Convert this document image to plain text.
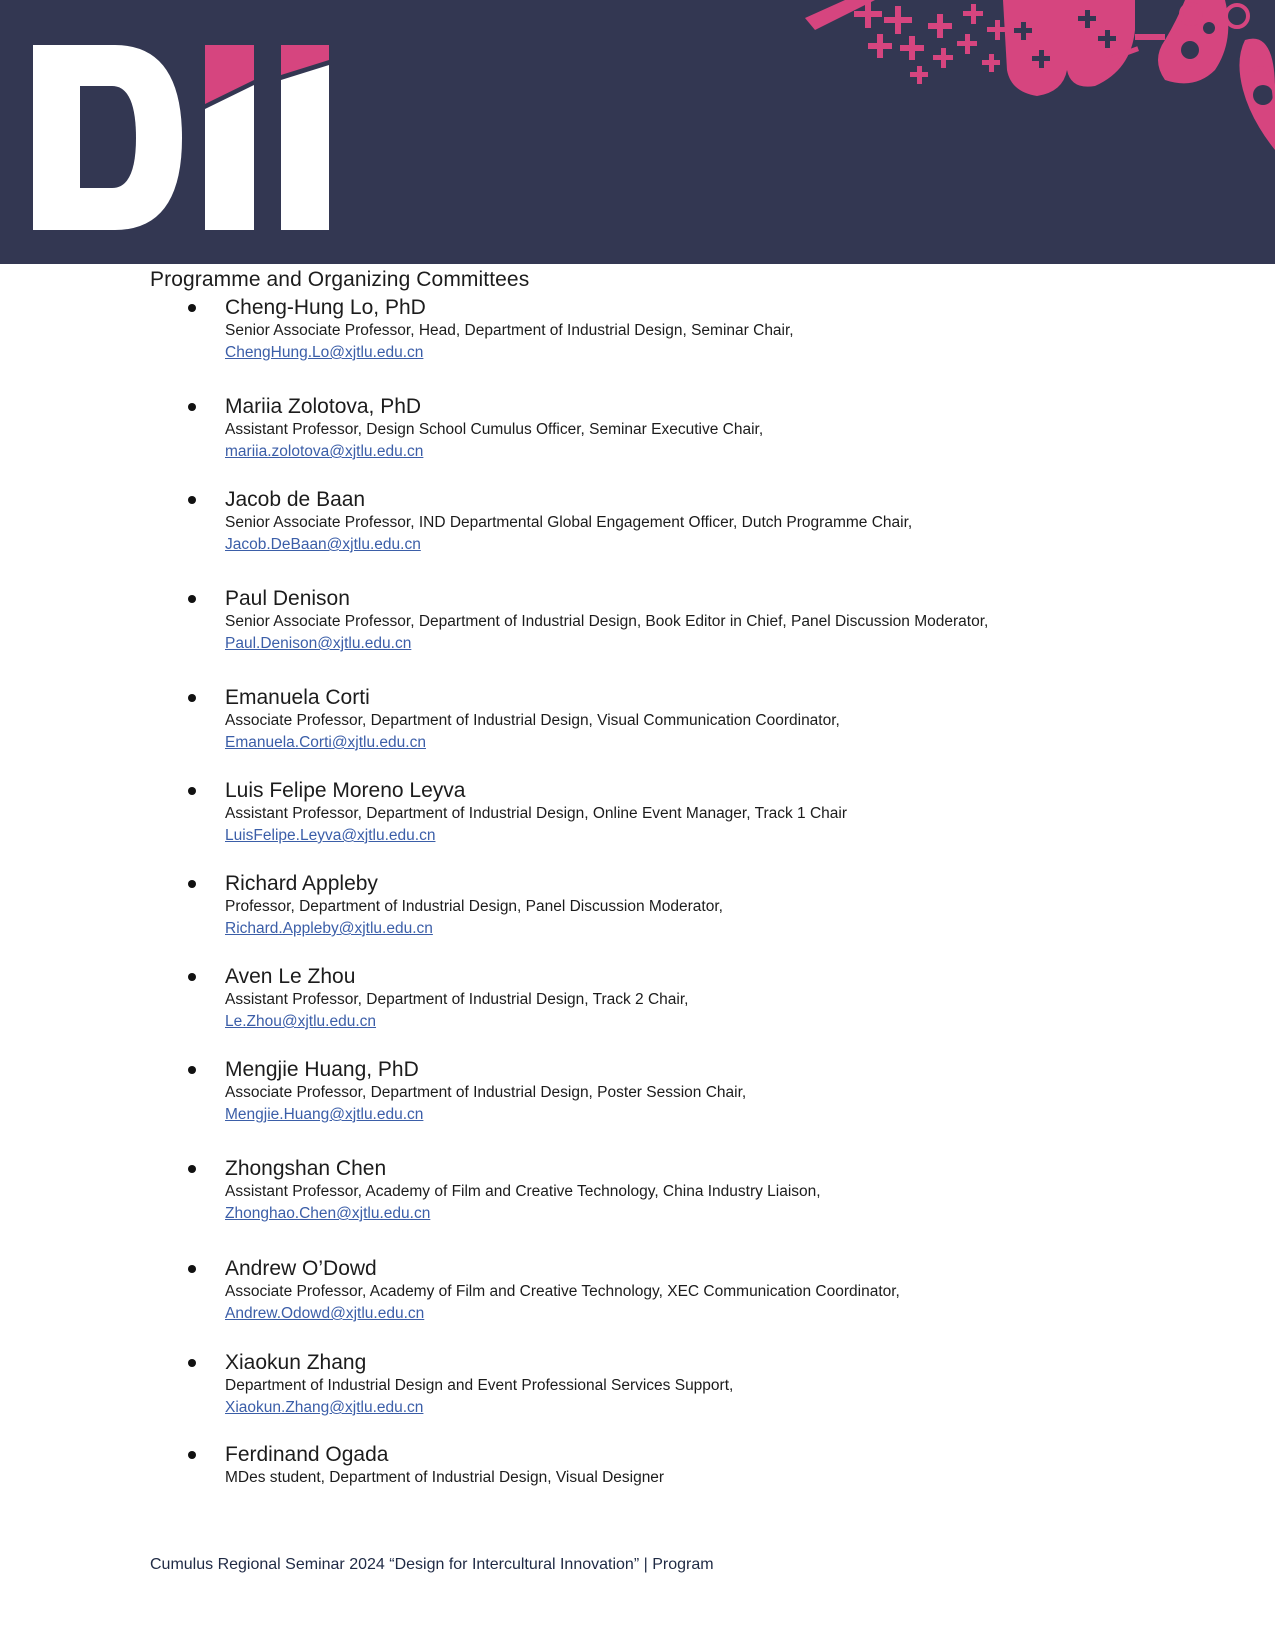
Programme and Organizing Committees
Cheng-Hung Lo, PhD
Senior Associate Professor, Head, Department of Industrial Design, Seminar Chair,
ChengHung.Lo@xjtlu.edu.cn
Mariia Zolotova, PhD
Assistant Professor, Design School Cumulus Officer, Seminar Executive Chair,
mariia.zolotova@xjtlu.edu.cn
Jacob de Baan
Senior Associate Professor, IND Departmental Global Engagement Officer, Dutch Programme Chair,
Jacob.DeBaan@xjtlu.edu.cn
Paul Denison
Senior Associate Professor, Department of Industrial Design, Book Editor in Chief, Panel Discussion Moderator,
Paul.Denison@xjtlu.edu.cn
Emanuela Corti
Associate Professor, Department of Industrial Design, Visual Communication Coordinator,
Emanuela.Corti@xjtlu.edu.cn
Luis Felipe Moreno Leyva
Assistant Professor, Department of Industrial Design, Online Event Manager, Track 1 Chair
LuisFelipe.Leyva@xjtlu.edu.cn
Richard Appleby
Professor, Department of Industrial Design, Panel Discussion Moderator,
Richard.Appleby@xjtlu.edu.cn
Aven Le Zhou
Assistant Professor, Department of Industrial Design, Track 2 Chair,
Le.Zhou@xjtlu.edu.cn
Mengjie Huang, PhD
Associate Professor, Department of Industrial Design, Poster Session Chair,
Mengjie.Huang@xjtlu.edu.cn
Zhongshan Chen
Assistant Professor, Academy of Film and Creative Technology, China Industry Liaison,
Zhonghao.Chen@xjtlu.edu.cn
Andrew O’Dowd
Associate Professor, Academy of Film and Creative Technology, XEC Communication Coordinator,
Andrew.Odowd@xjtlu.edu.cn
Xiaokun Zhang
Department of Industrial Design and Event Professional Services Support,
Xiaokun.Zhang@xjtlu.edu.cn
Ferdinand Ogada
MDes student, Department of Industrial Design, Visual Designer
Cumulus Regional Seminar 2024 “Design for Intercultural Innovation” | Program
